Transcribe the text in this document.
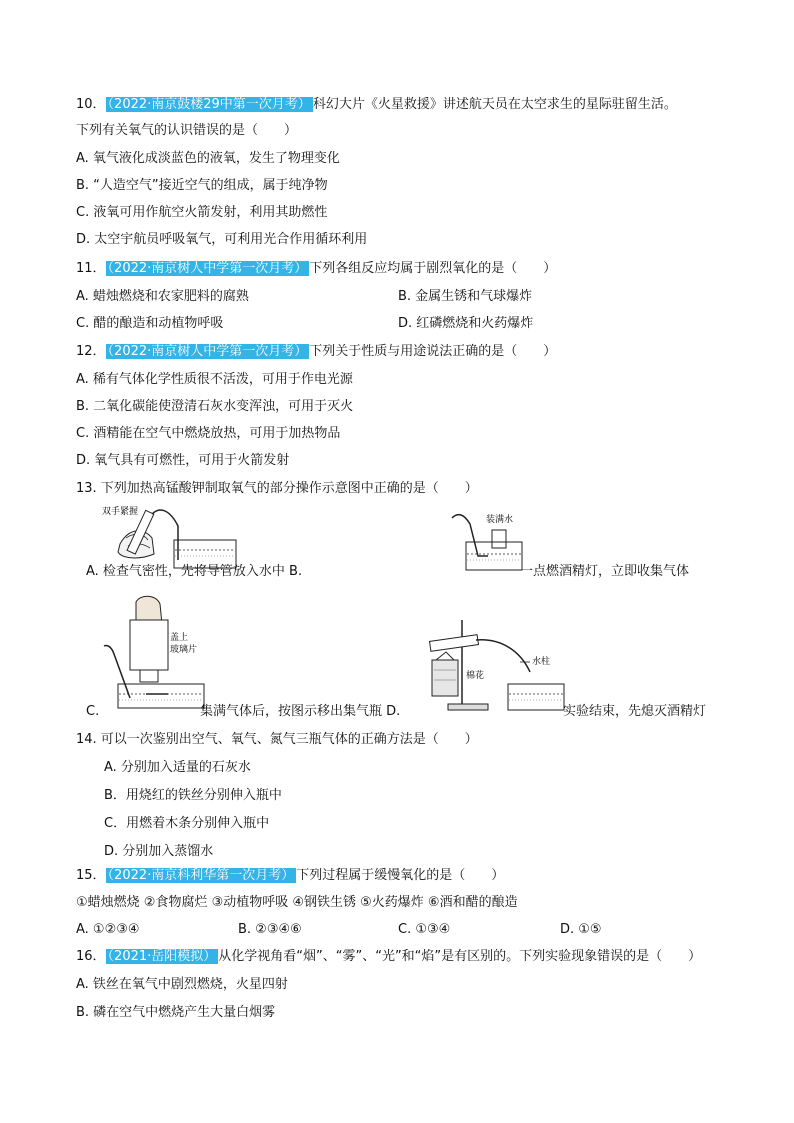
10． （2022·南京鼓楼29中第一次月考） 科幻大片《火星救援》讲述航天员在太空求生的星际驻留生活。
下列有关氧气的认识错误的是（　　）
A. 氧气液化成淡蓝色的液氧，发生了物理变化
B. “人造空气”接近空气的组成，属于纯净物
C. 液氧可用作航空火箭发射，利用其助燃性
D. 太空宇航员呼吸氧气，可利用光合作用循环利用
11． （2022·南京树人中学第一次月考） 下列各组反应均属于剧烈氧化的是（　　）
A. 蜡烛燃烧和农家肥料的腐熟	B. 金属生锈和气球爆炸
C. 醋的酿造和动植物呼吸	D. 红磷燃烧和火药爆炸
12． （2022·南京树人中学第一次月考） 下列关于性质与用途说法正确的是（　　）
A. 稀有气体化学性质很不活泼，可用于作电光源
B. 二氧化碳能使澄清石灰水变浑浊，可用于灭火
C. 酒精能在空气中燃烧放热，可用于加热物品
D. 氧气具有可燃性，可用于火箭发射
13. 下列加热高锰酸钾制取氧气的部分操作示意图中正确的是（　　）
双手紧握
装满水
A. 检查气密性，先将导管放入水中 B.	一点燃酒精灯，立即收集气体
盖上
玻璃片
棉花
水柱
C.	集满气体后，按图示移出集气瓶 D.	实验结束，先熄灭酒精灯
14. 可以一次鉴别出空气、氧气、氮气三瓶气体的正确方法是（　　）
A. 分别加入适量的石灰水
B．用烧红的铁丝分别伸入瓶中
C．用燃着木条分别伸入瓶中
D. 分别加入蒸馏水
15． （2022·南京科利华第一次月考） 下列过程属于缓慢氧化的是（　　）
①蜡烛燃烧 ②食物腐烂 ③动植物呼吸 ④钢铁生锈 ⑤火药爆炸 ⑥酒和醋的酿造
A. ①②③④	B. ②③④⑥	C. ①③④	D. ①⑤
16． （2021·岳阳模拟） 从化学视角看“烟”、“雾”、“光”和“焰”是有区别的。下列实验现象错误的是（　　）
A. 铁丝在氧气中剧烈燃烧，火星四射
B. 磷在空气中燃烧产生大量白烟雾
